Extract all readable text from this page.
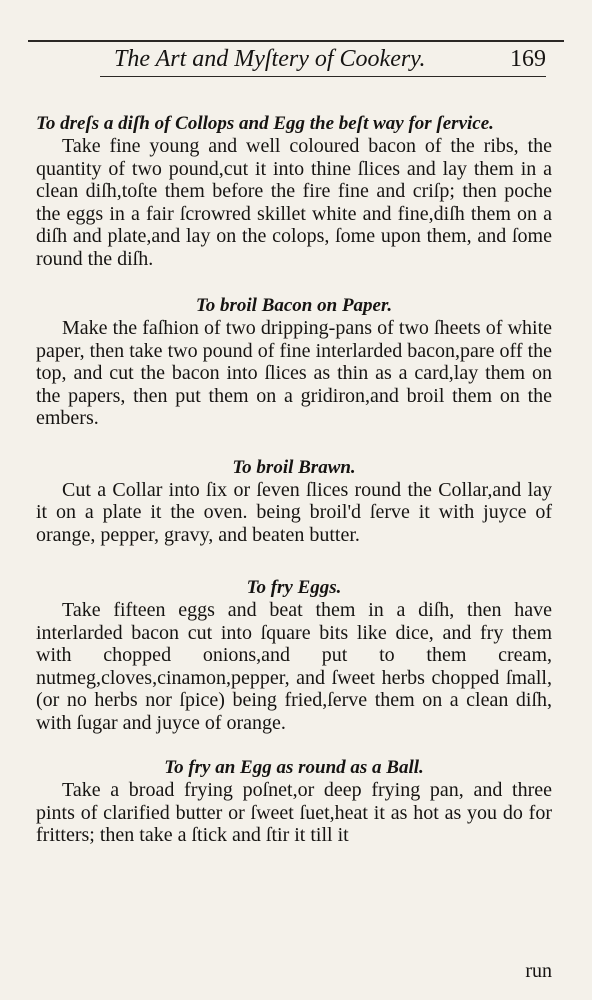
The Art and Myſtery of Cookery.	169
To dreſs a diſh of Collops and Egg the beſt way for ſervice.

Take fine young and well coloured bacon of the ribs, the quantity of two pound,cut it into thine ſlices and lay them in a clean diſh,toſte them before the fire fine and criſp; then poche the eggs in a fair ſcrowred skillet white and fine,diſh them on a diſh and plate,and lay on the colops, ſome upon them, and ſome round the diſh.

To broil Bacon on Paper.

Make the faſhion of two dripping-pans of two ſheets of white paper, then take two pound of fine interlarded bacon,pare off the top, and cut the bacon into ſlices as thin as a card,lay them on the papers, then put them on a gridiron,and broil them on the embers.

To broil Brawn.

Cut a Collar into ſix or ſeven ſlices round the Collar,and lay it on a plate it the oven. being broil'd ſerve it with juyce of orange, pepper, gravy, and beaten butter.

To fry Eggs.

Take fifteen eggs and beat them in a diſh, then have interlarded bacon cut into ſquare bits like dice, and fry them with chopped onions,and put to them cream, nutmeg,cloves,cinamon,pepper, and ſweet herbs chopped ſmall,(or no herbs nor ſpice) being fried,ſerve them on a clean diſh, with ſugar and juyce of orange.

To fry an Egg as round as a Ball.

Take a broad frying poſnet,or deep frying pan, and three pints of clarified butter or ſweet ſuet,heat it as hot as you do for fritters; then take a ſtick and ſtir it till it

run
